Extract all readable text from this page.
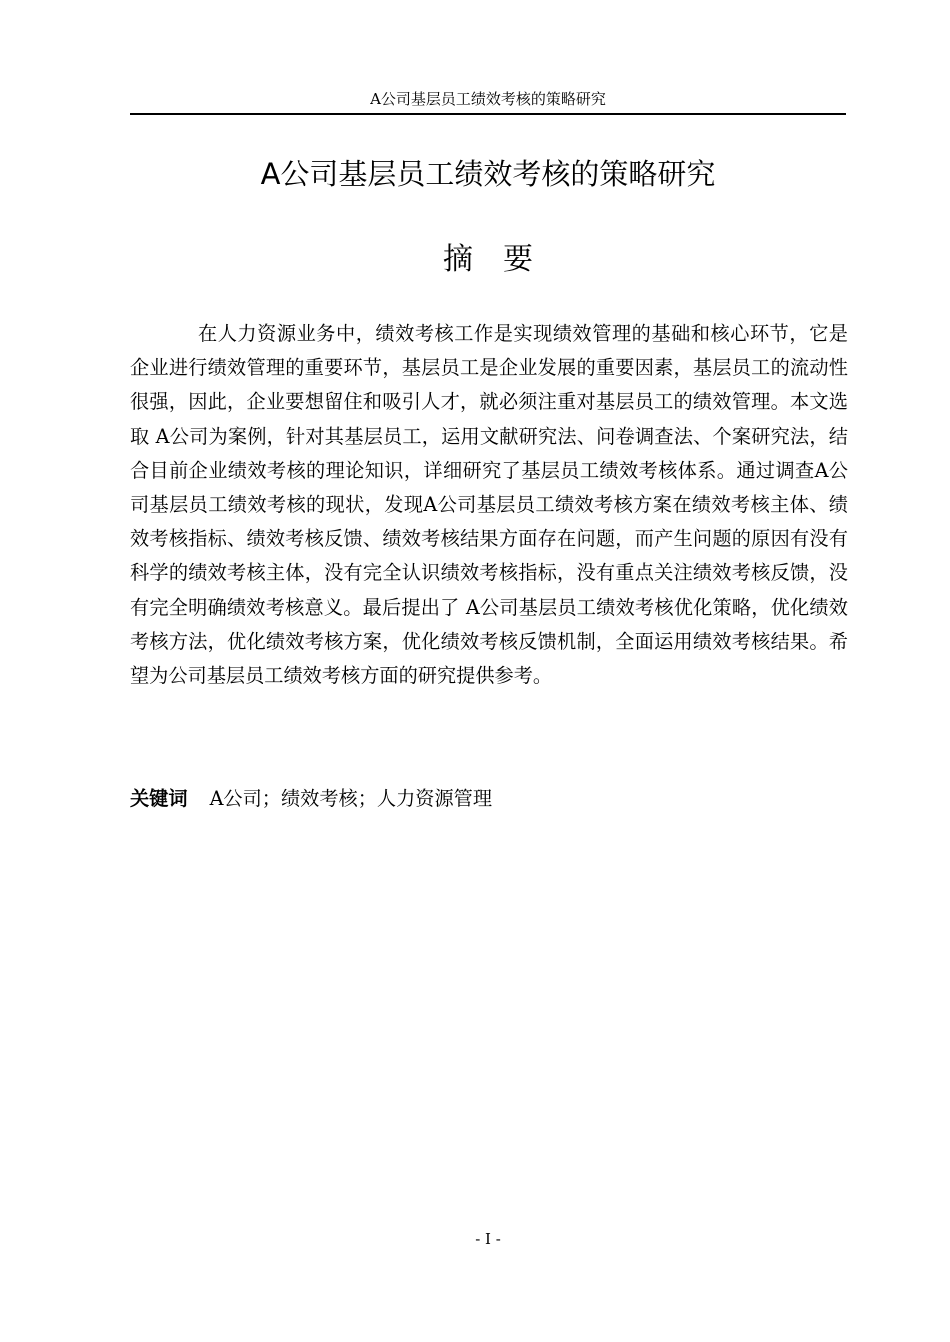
A公司基层员工绩效考核的策略研究
A公司基层员工绩效考核的策略研究
摘要

在人力资源业务中，绩效考核工作是实现绩效管理的基础和核心环节，它是企业进行绩效管理的重要环节，基层员工是企业发展的重要因素，基层员工的流动性很强，因此，企业要想留住和吸引人才，就必须注重对基层员工的绩效管理。本文选取 A公司为案例，针对其基层员工，运用文献研究法、问卷调查法、个案研究法，结合目前企业绩效考核的理论知识，详细研究了基层员工绩效考核体系。通过调查A公司基层员工绩效考核的现状，发现A公司基层员工绩效考核方案在绩效考核主体、绩效考核指标、绩效考核反馈、绩效考核结果方面存在问题，而产生问题的原因有没有科学的绩效考核主体，没有完全认识绩效考核指标，没有重点关注绩效考核反馈，没有完全明确绩效考核意义。最后提出了 A公司基层员工绩效考核优化策略，优化绩效考核方法，优化绩效考核方案，优化绩效考核反馈机制，全面运用绩效考核结果。希望为公司基层员工绩效考核方面的研究提供参考。

关键词 A公司；绩效考核；人力资源管理
- I -
